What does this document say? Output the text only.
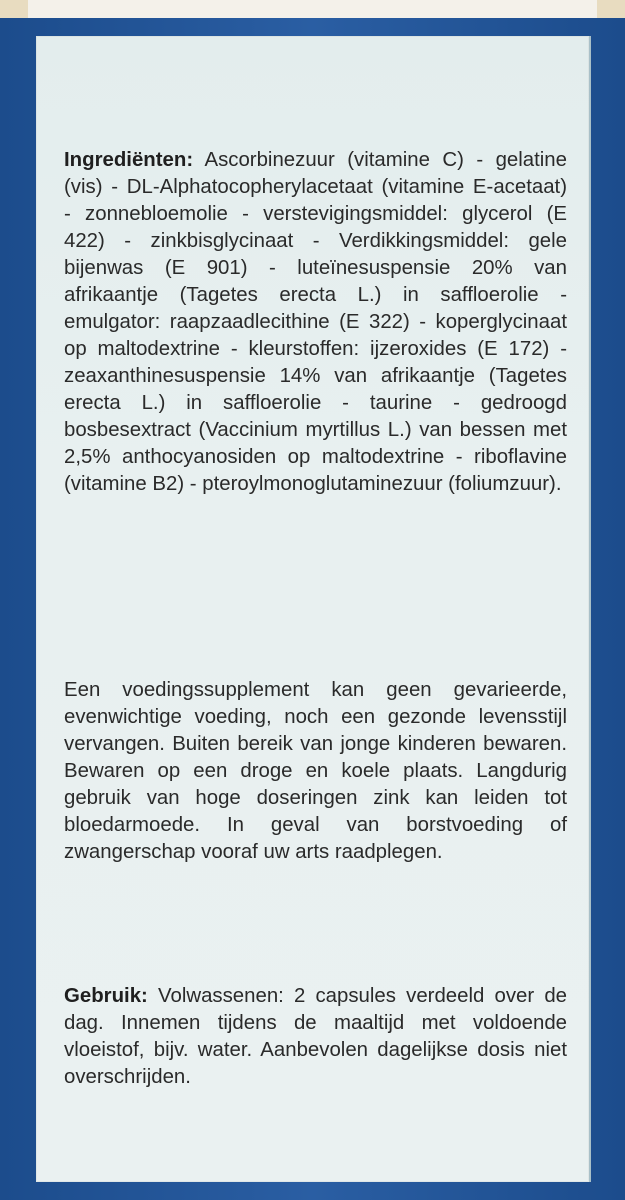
Ingrediënten: Ascorbinezuur (vitamine C) - gelatine (vis) - DL-Alphatocopherylacetaat (vitamine E-acetaat) - zonnebloemolie - verstevigingsmiddel: glycerol (E 422) - zinkbisglycinaat - Verdikkingsmiddel: gele bijenwas (E 901) - luteïnesuspensie 20% van afrikaantje (Tagetes erecta L.) in saffloerolie - emulgator: raapzaadlecithine (E 322) - koperglycinaat op maltodextrine - kleurstoffen: ijzeroxides (E 172) - zeaxanthinesuspensie 14% van afrikaantje (Tagetes erecta L.) in saffloerolie - taurine - gedroogd bosbesextract (Vaccinium myrtillus L.) van bessen met 2,5% anthocyanosiden op maltodextrine - riboflavine (vitamine B2) - pteroylmonoglutaminezuur (foliumzuur).

Een voedingssupplement kan geen gevarieerde, evenwichtige voeding, noch een gezonde levensstijl vervangen. Buiten bereik van jonge kinderen bewaren. Bewaren op een droge en koele plaats. Langdurig gebruik van hoge doseringen zink kan leiden tot bloedarmoede. In geval van borstvoeding of zwangerschap vooraf uw arts raadplegen.

Gebruik: Volwassenen: 2 capsules verdeeld over de dag. Innemen tijdens de maaltijd met voldoende vloeistof, bijv. water. Aanbevolen dagelijkse dosis niet overschrijden.
